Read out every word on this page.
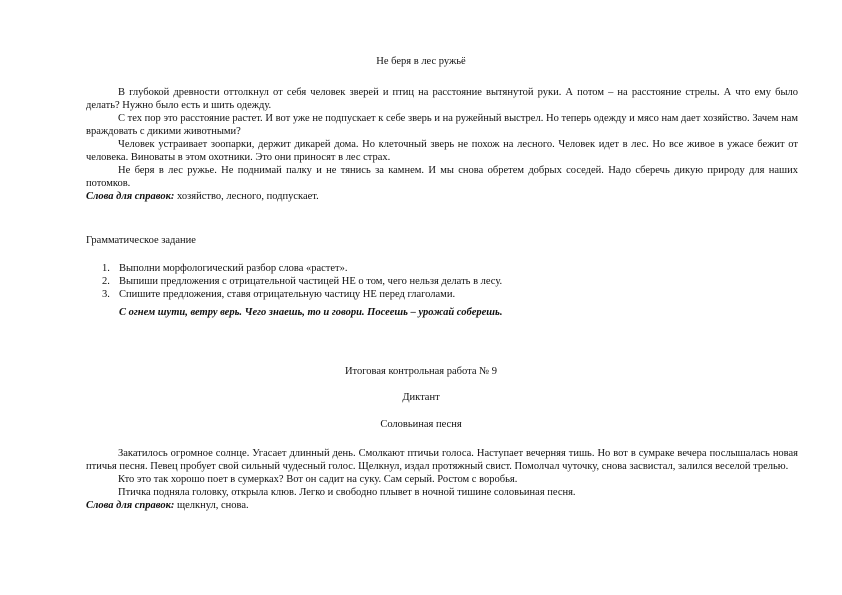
Не беря в лес ружьё

В глубокой древности оттолкнул от себя человек зверей и птиц на расстояние вытянутой руки. А потом – на расстояние стрелы. А что ему было делать? Нужно было есть и шить одежду.

С тех пор это расстояние растет. И вот уже не подпускает к себе зверь и на ружейный выстрел. Но теперь одежду и мясо нам дает хозяйство. Зачем нам враждовать с дикими животными?

Человек устраивает зоопарки, держит дикарей дома. Но клеточный зверь не похож на лесного. Человек идет в лес. Но все живое в ужасе бежит от человека. Виноваты в этом охотники. Это они приносят в лес страх.

Не беря в лес ружье. Не поднимай палку и не тянись за камнем. И мы снова обретем добрых соседей. Надо сберечь дикую природу для наших потомков.

Слова для справок: хозяйство, лесного, подпускает.

Грамматическое задание
1. Выполни морфологический разбор слова «растет».
2. Выпиши предложения с отрицательной частицей НЕ о том, чего нельзя делать в лесу.
3. Спишите предложения, ставя отрицательную частицу НЕ перед глаголами.
С огнем шути, ветру верь. Чего знаешь, то и говори. Посеешь – урожай соберешь.
Итоговая контрольная работа № 9
Диктант
Соловьиная песня

Закатилось огромное солнце. Угасает длинный день. Смолкают птичьи голоса. Наступает вечерняя тишь. Но вот в сумраке вечера послышалась новая птичья песня. Певец пробует свой сильный чудесный голос. Щелкнул, издал протяжный свист. Помолчал чуточку, снова засвистал, залился веселой трелью.

Кто это так хорошо поет в сумерках? Вот он садит на суку. Сам серый. Ростом с воробья.

Птичка подняла головку, открыла клюв. Легко и свободно плывет в ночной тишине соловьиная песня.

Слова для справок: щелкнул, снова.
